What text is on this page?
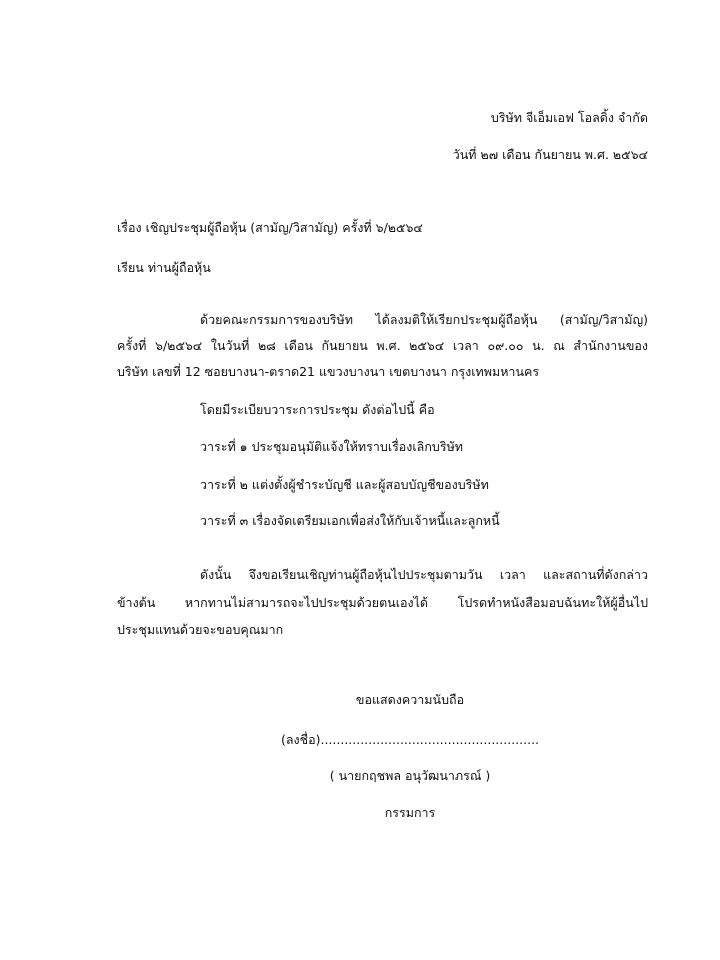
บริษัท จีเอ็มเอฟ โอลดิ้ง จำกัด
วันที่ ๒๗ เดือน กันยายน พ.ศ. ๒๕๖๔
เรื่อง เชิญประชุมผู้ถือหุ้น (สามัญ/วิสามัญ) ครั้งที่ ๖/๒๕๖๔
เรียน ท่านผู้ถือหุ้น
ด้วยคณะกรรมการของบริษัท ได้ลงมติให้เรียกประชุมผู้ถือหุ้น (สามัญ/วิสามัญ)
ครั้งที่ ๖/๒๕๖๔ ในวันที่ ๒๘ เดือน กันยายน พ.ศ. ๒๕๖๔ เวลา ๐๙.๐๐ น. ณ สำนักงานของ
บริษัท เลขที่ 12 ซอยบางนา-ตราด21 แขวงบางนา เขตบางนา กรุงเทพมหานคร
โดยมีระเบียบวาระการประชุม ดังต่อไปนี้ คือ
วาระที่ ๑ ประชุมอนุมัติแจ้งให้ทราบเรื่องเลิกบริษัท
วาระที่ ๒ แต่งตั้งผู้ชำระบัญชี และผู้สอบบัญชีของบริษัท
วาระที่ ๓ เรื่องจัดเตรียมเอกเพื่อส่งให้กับเจ้าหนี้และลูกหนี้
ดังนั้น จึงขอเรียนเชิญท่านผู้ถือหุ้นไปประชุมตามวัน เวลา และสถานที่ดังกล่าว
ข้างต้น หากทานไม่สามารถจะไปประชุมด้วยตนเองได้ โปรดทำหนังสือมอบฉันทะให้ผู้อื่นไป
ประชุมแทนด้วยจะขอบคุณมาก
ขอแสดงความนับถือ
(ลงชื่อ).......................................................
( นายกฤชพล อนุวัฒนาภรณ์ )
กรรมการ
